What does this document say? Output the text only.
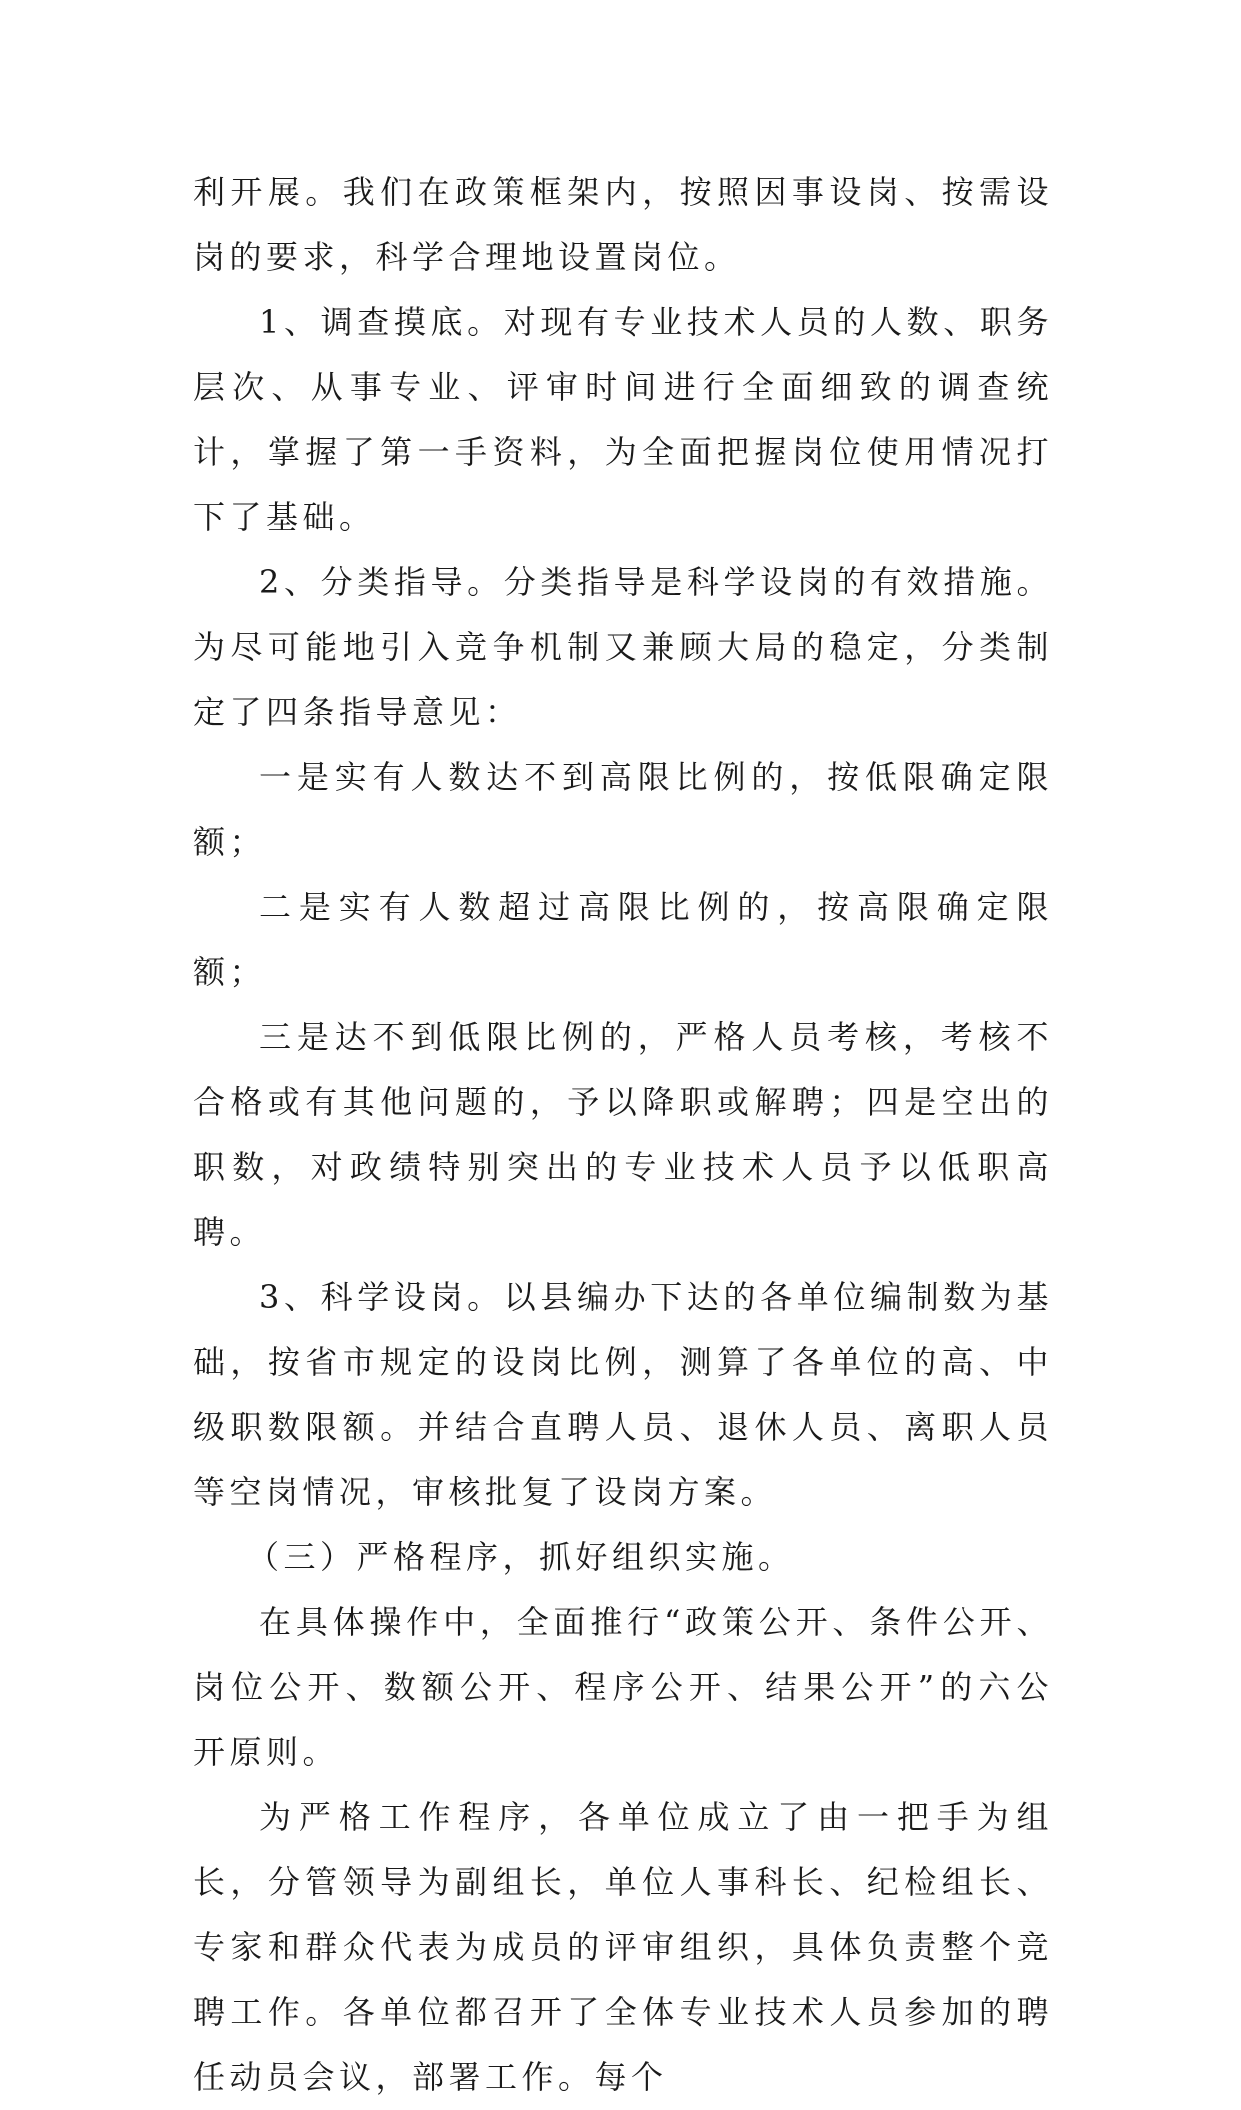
利开展。我们在政策框架内，按照因事设岗、按需设岗的要求，科学合理地设置岗位。

1、调查摸底。对现有专业技术人员的人数、职务层次、从事专业、评审时间进行全面细致的调查统计，掌握了第一手资料，为全面把握岗位使用情况打下了基础。

2、分类指导。分类指导是科学设岗的有效措施。为尽可能地引入竞争机制又兼顾大局的稳定，分类制定了四条指导意见：

一是实有人数达不到高限比例的，按低限确定限额；

二是实有人数超过高限比例的，按高限确定限额；

三是达不到低限比例的，严格人员考核，考核不合格或有其他问题的，予以降职或解聘；四是空出的职数，对政绩特别突出的专业技术人员予以低职高聘。

3、科学设岗。以县编办下达的各单位编制数为基础，按省市规定的设岗比例，测算了各单位的高、中级职数限额。并结合直聘人员、退休人员、离职人员等空岗情况，审核批复了设岗方案。

（三）严格程序，抓好组织实施。

在具体操作中，全面推行“政策公开、条件公开、岗位公开、数额公开、程序公开、结果公开”的六公开原则。

为严格工作程序，各单位成立了由一把手为组长，分管领导为副组长，单位人事科长、纪检组长、专家和群众代表为成员的评审组织，具体负责整个竞聘工作。各单位都召开了全体专业技术人员参加的聘任动员会议，部署工作。每个
